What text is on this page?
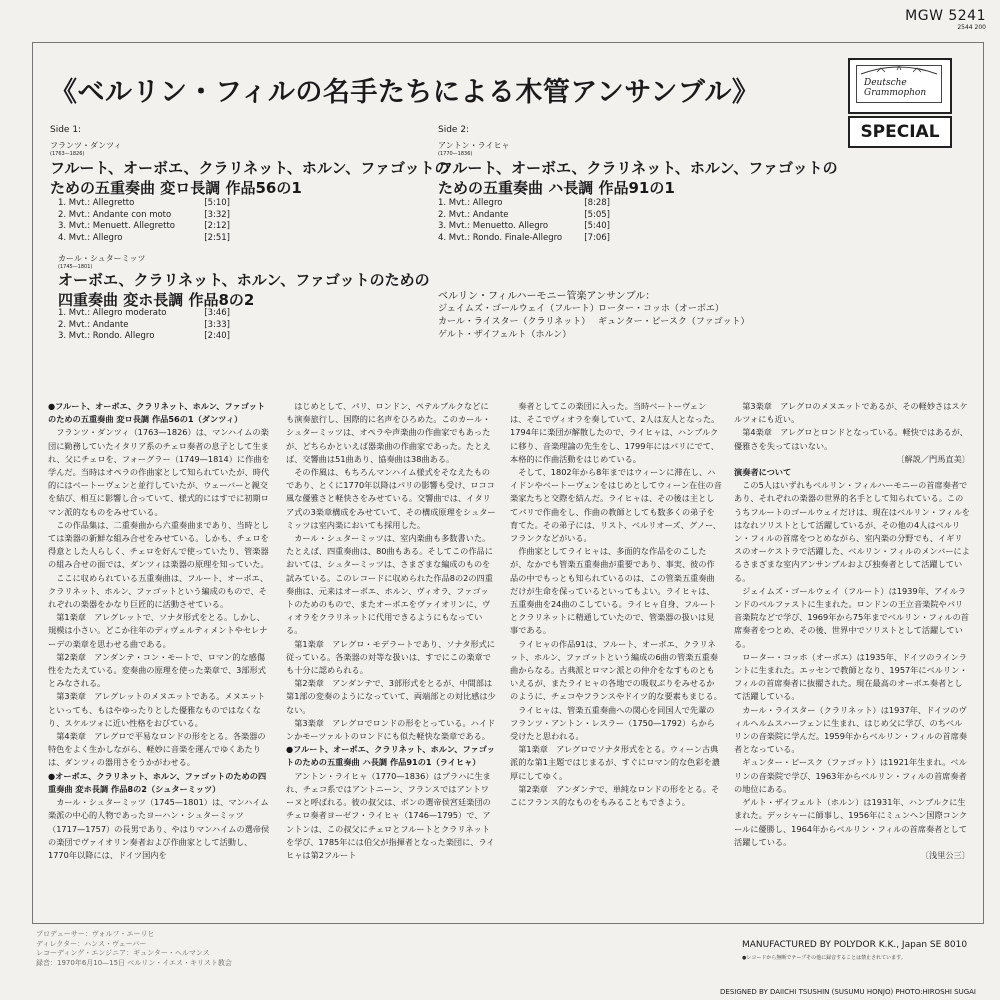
MGW 5241
2544 200
《ベルリン・フィルの名手たちによる木管アンサンブル》	Deutsche Grammophon
SPECIAL
Side 1:
フランツ・ダンツィ
(1763—1826)
フルート、オーボエ、クラリネット、ホルン、ファゴットの
ための五重奏曲 変ロ長調 作品56の1
1. Mvt.: Allegretto	[5:10]
2. Mvt.: Andante con moto	[3:32]
3. Mvt.: Menuett. Allegretto	[2:12]
4. Mvt.: Allegro	[2:51]
カール・シュターミッツ
(1745—1801)
オーボエ、クラリネット、ホルン、ファゴットのための
四重奏曲 変ホ長調 作品8の2
1. Mvt.: Allegro moderato	[3:46]
2. Mvt.: Andante	[3:33]
3. Mvt.: Rondo. Allegro	[2:40]
Side 2:
アントン・ライヒャ
(1770—1836)
フルート、オーボエ、クラリネット、ホルン、ファゴットの
ための五重奏曲 ハ長調 作品91の1
1. Mvt.: Allegro	[8:28]
2. Mvt.: Andante	[5:05]
3. Mvt.: Menuetto. Allegro	[5:40]
4. Mvt.: Rondo. Finale-Allegro	[7:06]
ベルリン・フィルハーモニー管楽アンサンブル：
ジェイムズ・ゴールウェイ（フルート）ローター・コッホ（オーボエ）
カール・ライスター（クラリネット） ギュンター・ピースク（ファゴット）
ゲルト・ザイフェルト（ホルン）

●フルート、オーボエ、クラリネット、ホルン、ファゴットのための五重奏曲 変ロ長調 作品56の1（ダンツィ）

フランツ・ダンツィ（1763—1826）は、マンハイムの楽団に勤務していたイタリア系のチェロ奏者の息子として生まれ、父にチェロを、フォーグラー（1749—1814）に作曲を学んだ。当時はオペラの作曲家として知られていたが、時代的にはベートーヴェンと並行していたが、ウェーバーと親交を結び、相互に影響し合っていて、様式的にはすでに初期ロマン派的なものをみせている。

この作品集は、二重奏曲から六重奏曲まであり、当時としては楽器の新鮮な組み合せをみせている。しかも、チェロを得意とした人らしく、チェロを好んで使っていたり、管楽器の組み合せの面では、ダンツィは楽器の原理を知っていた。

ここに収められている五重奏曲は、フルート、オーボエ、クラリネット、ホルン、ファゴットという編成のもので、それぞれの楽器をかなり巨匠的に活動させている。

第1楽章　アレグレットで、ソナタ形式をとる。しかし、規模は小さい。どこか往年のディヴェルティメントやセレナーデの楽章を思わせる曲である。

第2楽章　アンダンテ・コン・モートで、ロマン的な感傷性をたたえている。変奏曲の原理を使った楽章で、3部形式とみなされる。

第3楽章　アレグレットのメヌエットである。メヌエットといっても、もはやゆったりとした優雅なものではなくなり、スケルツォに近い性格をおびている。

第4楽章　アレグロで平易なロンドの形をとる。各楽器の特色をよく生かしながら、軽妙に音楽を運んでゆくあたりは、ダンツィの器用さをうかがわせる。

●オーボエ、クラリネット、ホルン、ファゴットのための四重奏曲 変ホ長調 作品8の2（シュターミッツ）

カール・シュターミッツ（1745—1801）は、マンハイム楽派の中心的人物であったヨーハン・シュターミッツ（1717—1757）の長男であり、やはりマンハイムの選帝侯の楽団でヴァイオリン奏者および作曲家として活動し、1770年以降には、ドイツ国内を

はじめとして、パリ、ロンドン、ペテルブルクなどにも演奏旅行し、国際的に名声をひろめた。このカール・シュターミッツは、オペラや声楽曲の作曲家でもあったが、どちらかといえば器楽曲の作曲家であった。たとえば、交響曲は51曲あり、協奏曲は38曲ある。

その作風は、もちろんマンハイム様式をそなえたものであり、とくに1770年以降はパリの影響も受け、ロココ風な優雅さと軽快さをみせている。交響曲では、イタリア式の3楽章構成をみせていて、その構成原理をシュターミッツは室内楽においても採用した。

カール・シュターミッツは、室内楽曲も多数書いた。たとえば、四重奏曲は、80曲もある。そしてこの作品においては、シュターミッツは、さまざまな編成のものを試みている。このレコードに収められた作品8の2の四重奏曲は、元来はオーボエ、ホルン、ヴィオラ、ファゴットのためのもので、またオーボエをヴァイオリンに、ヴィオラをクラリネットに代用できるようにもなっている。

第1楽章　アレグロ・モデラートであり、ソナタ形式に従っている。各楽器の対等な扱いは、すでにこの楽章でも十分に認められる。

第2楽章　アンダンテで、3部形式をとるが、中間部は第1部の変奏のようになっていて、両端部との対比感は少ない。

第3楽章　アレグロでロンドの形をとっている。ハイドンかモーツァルトのロンドにも似た軽快な楽章である。

●フルート、オーボエ、クラリネット、ホルン、ファゴットのための五重奏曲 ハ長調 作品91の1（ライヒャ）

アントン・ライヒャ（1770—1836）はプラハに生まれ、チェコ系ではアントニーン、フランスではアントワーヌと呼ばれる。彼の叔父は、ボンの選帝侯宮廷楽団のチェロ奏者ヨーゼフ・ライヒャ（1746—1795）で、アントンは、この叔父にチェロとフルートとクラリネットを学び、1785年には伯父が指揮者となった楽団に、ライヒャは第2フルート

奏者としてこの楽団に入った。当時ベートーヴェンは、そこでヴィオラを奏していて、2人は友人となった。1794年に楽団が解散したので、ライヒャは、ハンブルクに移り、音楽理論の先生をし、1799年にはパリにでて、本格的に作曲活動をはじめている。

そして、1802年から8年まではウィーンに滞在し、ハイドンやベートーヴェンをはじめとしてウィーン在住の音楽家たちと交際を結んだ。ライヒャは、その後は主としてパリで作曲をし、作曲の教師としても数多くの弟子を育てた。その弟子には、リスト、ベルリオーズ、グノー、フランクなどがいる。

作曲家としてライヒャは、多面的な作品をのこしたが、なかでも管楽五重奏曲が重要であり、事実、彼の作品の中でもっとも知られているのは、この管楽五重奏曲だけが生命を保っているといってもよい。ライヒャは、五重奏曲を24曲のこしている。ライヒャ自身、フルートとクラリネットに精通していたので、管楽器の扱いは見事である。

ライヒャの作品91は、フルート、オーボエ、クラリネット、ホルン、ファゴットという編成の6曲の管楽五重奏曲からなる。古典派とロマン派との仲介をなすものともいえるが、またライヒャの各地での吸収ぶりをみせるかのように、チェコやフランスやドイツ的な要素もまじる。

ライヒャは、管楽五重奏曲への関心を同国人で先輩のフランツ・アントン・レスラー（1750—1792）らから受けたと思われる。

第1楽章　アレグロでソナタ形式をとる。ウィーン古典派的な第1主題ではじまるが、すぐにロマン的な色彩を濃厚にしてゆく。

第2楽章　アンダンテで、単純なロンドの形をとる。そこにフランス的なものをもみることもできよう。

第3楽章　アレグロのメヌエットであるが、その軽妙さはスケルツォにも近い。

第4楽章　アレグロとロンドとなっている。軽快ではあるが、優雅さを失ってはいない。

〔解説／門馬直美〕

演奏者について

この5人はいずれもベルリン・フィルハーモニーの首席奏者であり、それぞれの楽器の世界的名手として知られている。このうちフルートのゴールウェイだけは、現在はベルリン・フィルをはなれソリストとして活躍しているが、その他の4人はベルリン・フィルの首席をつとめながら、室内楽の分野でも、イギリスのオーケストラで活躍した、ベルリン・フィルのメンバーによるさまざまな室内アンサンブルおよび独奏者として活躍している。

ジェイムズ・ゴールウェイ（フルート）は1939年、アイルランドのベルファストに生まれた。ロンドンの王立音楽院やパリ音楽院などで学び、1969年から75年までベルリン・フィルの首席奏者をつとめ、その後、世界中でソリストとして活躍している。

ローター・コッホ（オーボエ）は1935年、ドイツのラインラントに生まれた。エッセンで教師となり、1957年にベルリン・フィルの首席奏者に抜擢された。現在最高のオーボエ奏者として活躍している。

カール・ライスター（クラリネット）は1937年、ドイツのヴィルヘルムスハーフェンに生まれ、はじめ父に学び、のちベルリンの音楽院に学んだ。1959年からベルリン・フィルの首席奏者となっている。

ギュンター・ピースク（ファゴット）は1921年生まれ。ベルリンの音楽院で学び、1963年からベルリン・フィルの首席奏者の地位にある。

ゲルト・ザイフェルト（ホルン）は1931年、ハンブルクに生まれた。デッシャーに師事し、1956年にミュンヘン国際コンクールに優勝し、1964年からベルリン・フィルの首席奏者として活躍している。

〔浅里公三〕

プロデューサー：ヴォルフ・エーリヒ
ディレクター：ハンス・ヴェーバー
レコーディング・エンジニア：ギュンター・ヘルマンス
録音：1970年6月10—15日 ベルリン・イエス・キリスト教会
MANUFACTURED BY POLYDOR K.K., Japan SE 8010
●レコードから無断でテープその他に録音することは禁止されています。
DESIGNED BY DAIICHI TSUSHIN (SUSUMU HONJO) PHOTO:HIROSHI SUGAI
